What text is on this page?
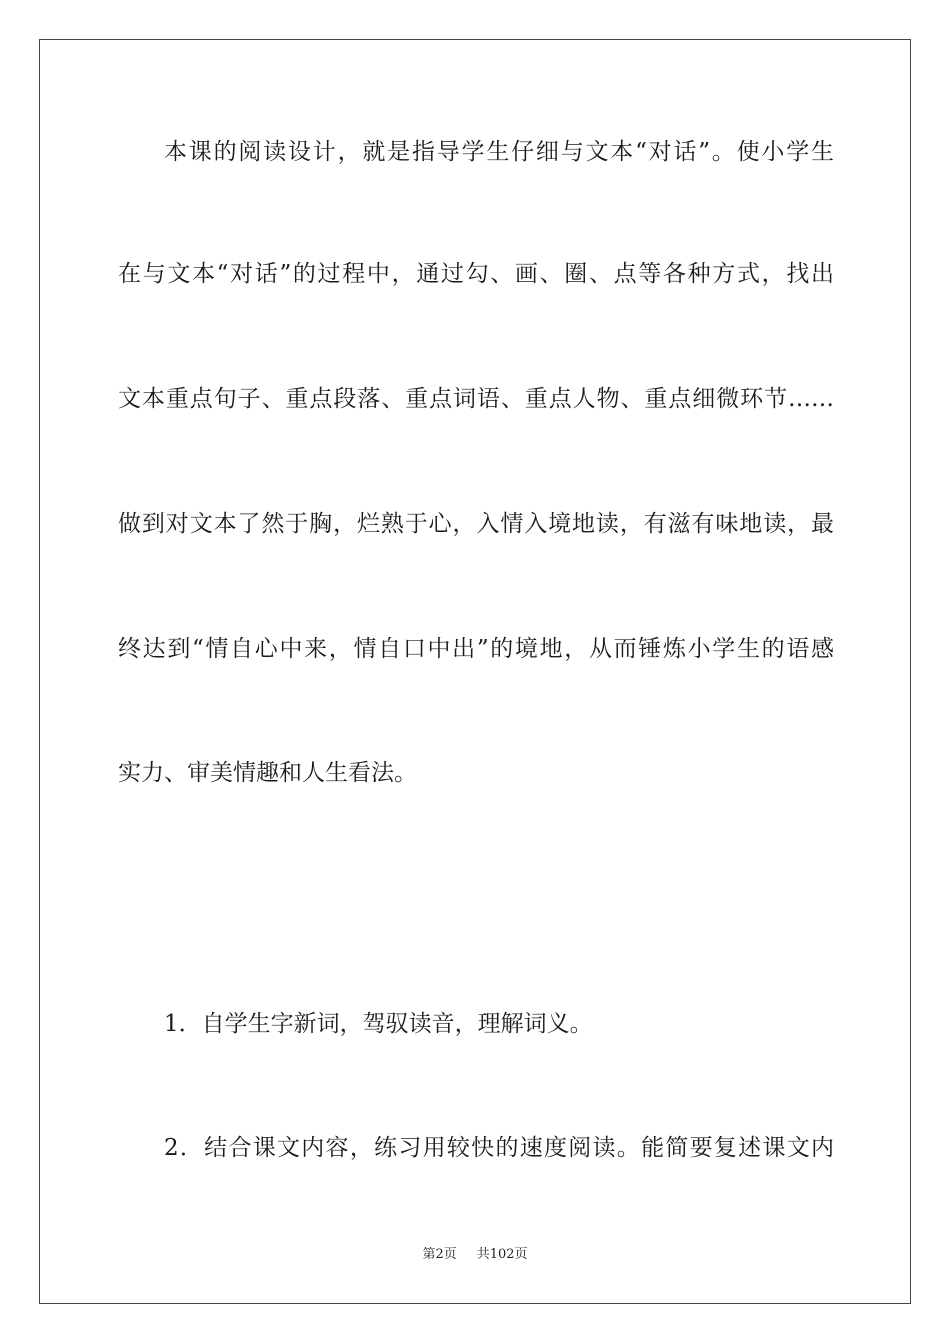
本课的阅读设计，就是指导学生仔细与文本“对话”。使小学生
在与文本“对话”的过程中，通过勾、画、圈、点等各种方式，找出
文本重点句子、重点段落、重点词语、重点人物、重点细微环节……
做到对文本了然于胸，烂熟于心，入情入境地读，有滋有味地读，最
终达到“情自心中来，情自口中出”的境地，从而锤炼小学生的语感
实力、审美情趣和人生看法。
1．自学生字新词，驾驭读音，理解词义。
2．结合课文内容，练习用较快的速度阅读。能简要复述课文内
第2页 共102页
